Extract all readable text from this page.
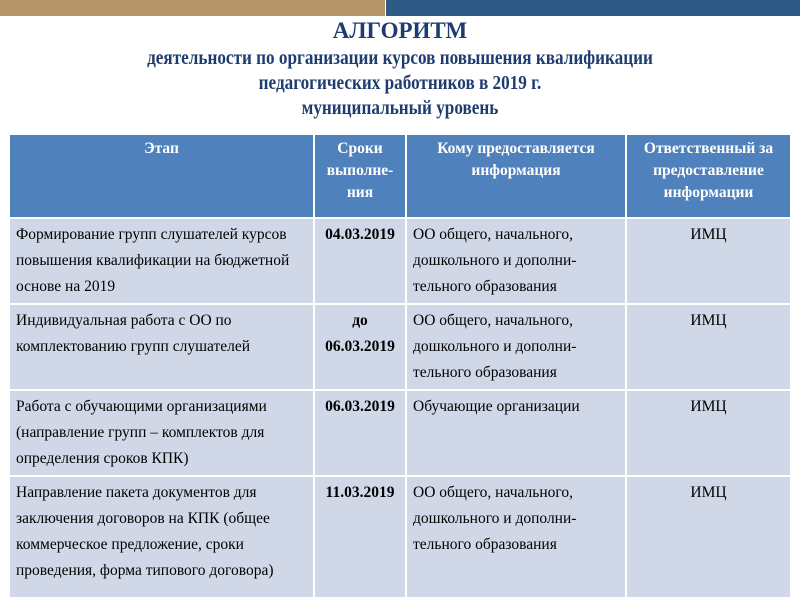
АЛГОРИТМ
деятельности по организации курсов повышения квалификации
педагогических работников в 2019 г.
муниципальный уровень
Этап	Сроки выполне-ния	Кому предоставляется информация	Ответственный за предоставление информации
Формирование групп слушателей курсов повышения квалификации на бюджетной основе на 2019	04.03.2019	ОО общего, начального, дошкольного и дополни-тельного образования	ИМЦ
Индивидуальная работа с ОО по комплектованию групп слушателей	до 06.03.2019	ОО общего, начального, дошкольного и дополни-тельного образования	ИМЦ
Работа с обучающими организациями (направление групп – комплектов для определения сроков КПК)	06.03.2019	Обучающие организации	ИМЦ
Направление пакета документов для заключения договоров на КПК (общее коммерческое предложение, сроки проведения, форма типового договора)	11.03.2019	ОО общего, начального, дошкольного и дополни-тельного образования	ИМЦ
